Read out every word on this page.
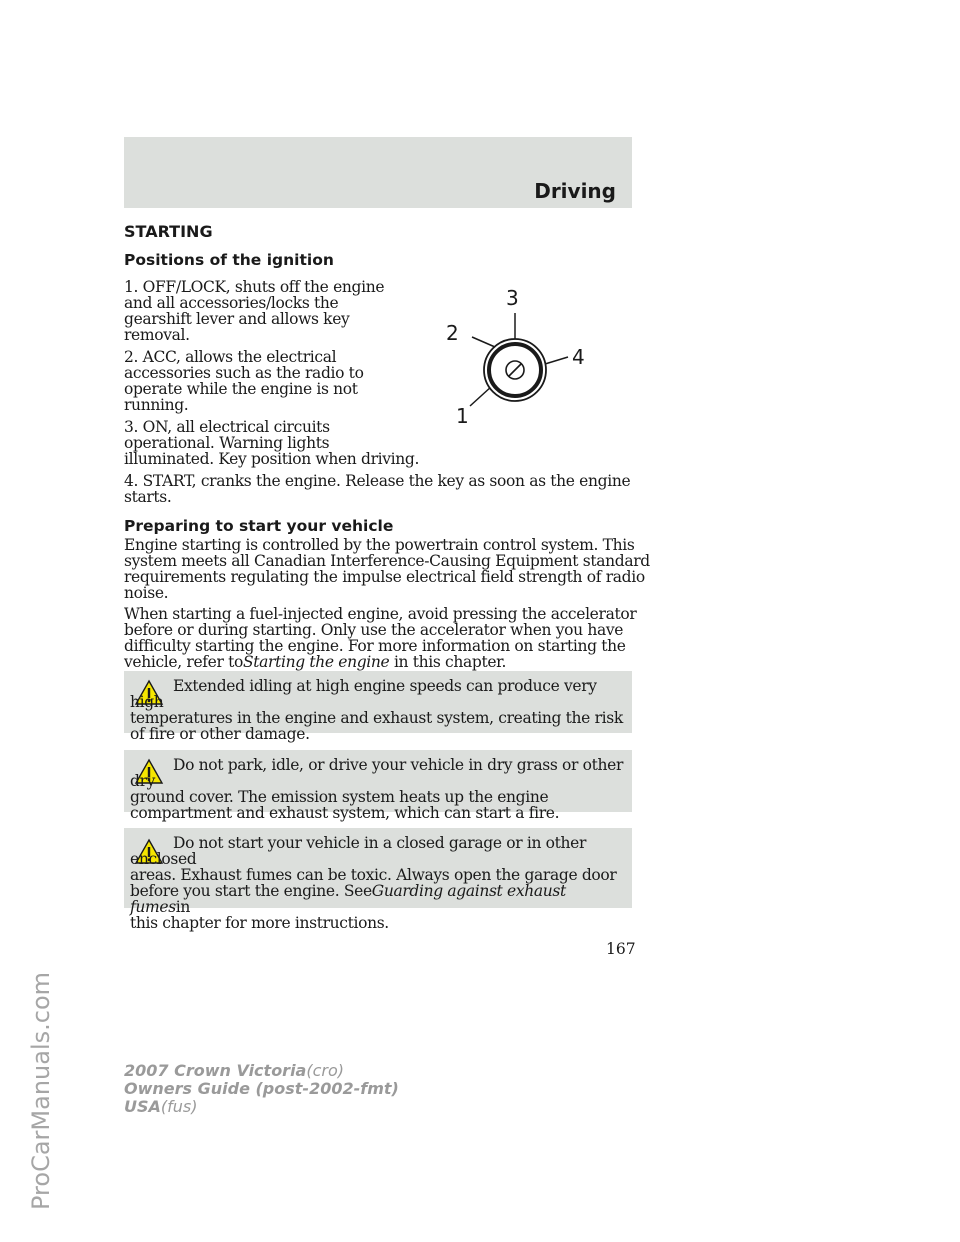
Driving
STARTING
Positions of the ignition

1. OFF/LOCK, shuts off the engine
and all accessories/locks the
gearshift lever and allows key
removal.

2. ACC, allows the electrical
accessories such as the radio to
operate while the engine is not
running.

3. ON, all electrical circuits
operational. Warning lights
illuminated. Key position when driving.

4. START, cranks the engine. Release the key as soon as the engine
starts.

1
2
3
4
Preparing to start your vehicle

Engine starting is controlled by the powertrain control system. This
system meets all Canadian Interference-Causing Equipment standard
requirements regulating the impulse electrical field strength of radio
noise.

When starting a fuel-injected engine, avoid pressing the accelerator
before or during starting. Only use the accelerator when you have
difficulty starting the engine. For more information on starting the
vehicle, refer toStarting the engine in this chapter.

Extended idling at high engine speeds can produce very high
temperatures in the engine and exhaust system, creating the risk
of fire or other damage.

Do not park, idle, or drive your vehicle in dry grass or other dry
ground cover. The emission system heats up the engine
compartment and exhaust system, which can start a fire.

Do not start your vehicle in a closed garage or in other enclosed
areas. Exhaust fumes can be toxic. Always open the garage door
before you start the engine. SeeGuarding against exhaust fumesin
this chapter for more instructions.

167
2007 Crown Victoria(cro)
Owners Guide (post-2002-fmt)
USA(fus)
ProCarManuals.com
